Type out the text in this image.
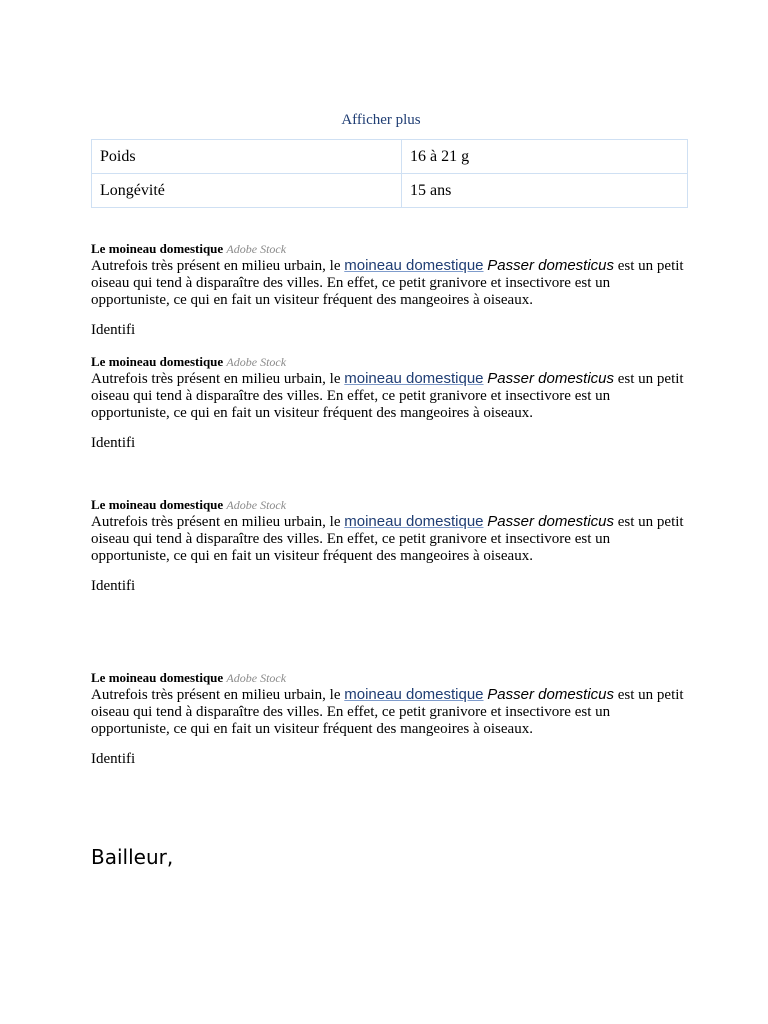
Afficher plus
Poids	16 à 21 g
Longévité	15 ans
Le moineau domestique Adobe Stock

Autrefois très présent en milieu urbain, le moineau domestique Passer domesticus est un petit oiseau qui tend à disparaître des villes. En effet, ce petit granivore et insectivore est un opportuniste, ce qui en fait un visiteur fréquent des mangeoires à oiseaux.

Identifi
Le moineau domestique Adobe Stock

Autrefois très présent en milieu urbain, le moineau domestique Passer domesticus est un petit oiseau qui tend à disparaître des villes. En effet, ce petit granivore et insectivore est un opportuniste, ce qui en fait un visiteur fréquent des mangeoires à oiseaux.

Identifi
Le moineau domestique Adobe Stock

Autrefois très présent en milieu urbain, le moineau domestique Passer domesticus est un petit oiseau qui tend à disparaître des villes. En effet, ce petit granivore et insectivore est un opportuniste, ce qui en fait un visiteur fréquent des mangeoires à oiseaux.

Identifi
Le moineau domestique Adobe Stock

Autrefois très présent en milieu urbain, le moineau domestique Passer domesticus est un petit oiseau qui tend à disparaître des villes. En effet, ce petit granivore et insectivore est un opportuniste, ce qui en fait un visiteur fréquent des mangeoires à oiseaux.

Identifi
Bailleur,
